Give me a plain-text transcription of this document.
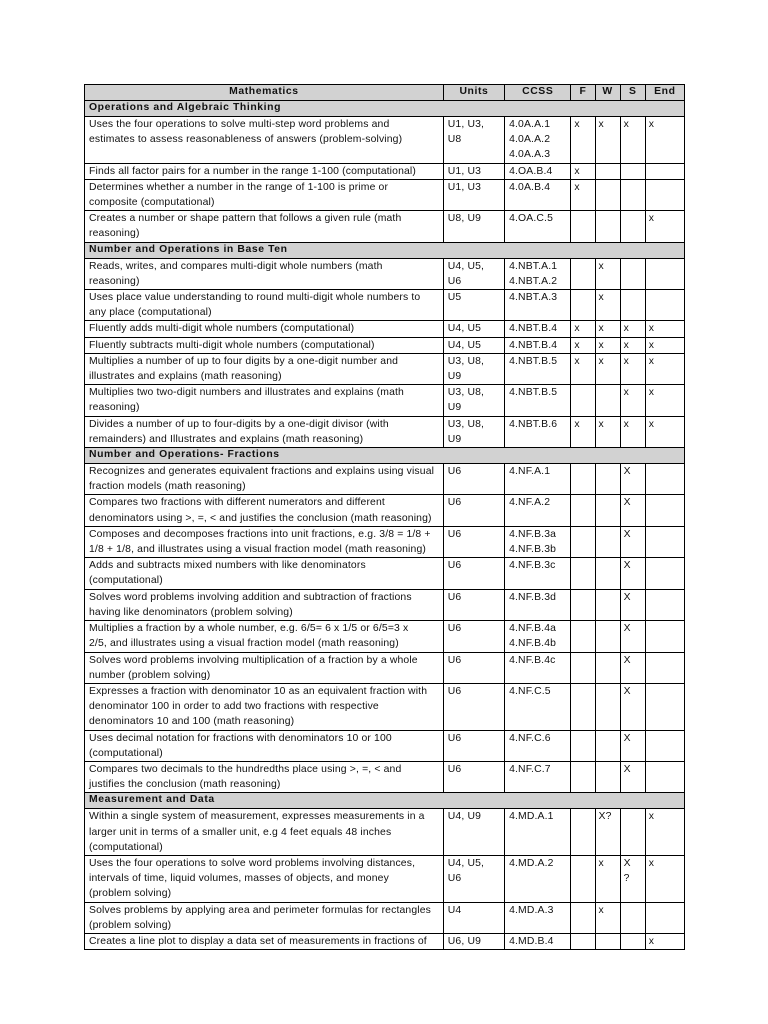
Mathematics	Units	CCSS	F	W	S	End
Operations and Algebraic Thinking						
Uses the four operations to solve multi-step word problems and
estimates to assess reasonableness of answers (problem-solving)	U1, U3,
U8	4.0A.A.1
4.0A.A.2
4.0A.A.3	x	x	x	x
Finds all factor pairs for a number in the range 1-100 (computational)	U1, U3	4.OA.B.4	x			
Determines whether a number in the range of 1-100 is prime or
composite (computational)	U1, U3	4.0A.B.4	x			
Creates a number or shape pattern that follows a given rule (math
reasoning)	U8, U9	4.OA.C.5				x
Number and Operations in Base Ten						
Reads, writes, and compares multi-digit whole numbers (math
reasoning)	U4, U5,
U6	4.NBT.A.1
4.NBT.A.2		x		
Uses place value understanding to round multi-digit whole numbers to
any place (computational)	U5	4.NBT.A.3		x		
Fluently adds multi-digit whole numbers (computational)	U4, U5	4.NBT.B.4	x	x	x	x
Fluently subtracts multi-digit whole numbers (computational)	U4, U5	4.NBT.B.4	x	x	x	x
Multiplies a number of up to four digits by a one-digit number and
illustrates and explains (math reasoning)	U3, U8,
U9	4.NBT.B.5	x	x	x	x
Multiplies two two-digit numbers and illustrates and explains (math
reasoning)	U3, U8,
U9	4.NBT.B.5			x	x
Divides a number of up to four-digits by a one-digit divisor (with
remainders) and Illustrates and explains (math reasoning)	U3, U8,
U9	4.NBT.B.6	x	x	x	x
Number and Operations- Fractions						
Recognizes and generates equivalent fractions and explains using visual
fraction models (math reasoning)	U6	4.NF.A.1			X	
Compares two fractions with different numerators and different
denominators using >, =, < and justifies the conclusion (math reasoning)	U6	4.NF.A.2			X	
Composes and decomposes fractions into unit fractions, e.g. 3/8 = 1/8 +
1/8 + 1/8, and illustrates using a visual fraction model (math reasoning)	U6	4.NF.B.3a
4.NF.B.3b			X	
Adds and subtracts mixed numbers with like denominators
(computational)	U6	4.NF.B.3c			X	
Solves word problems involving addition and subtraction of fractions
having like denominators (problem solving)	U6	4.NF.B.3d			X	
Multiplies a fraction by a whole number, e.g. 6/5= 6 x 1/5 or 6/5=3 x
2/5, and illustrates using a visual fraction model (math reasoning)	U6	4.NF.B.4a
4.NF.B.4b			X	
Solves word problems involving multiplication of a fraction by a whole
number (problem solving)	U6	4.NF.B.4c			X	
Expresses a fraction with denominator 10 as an equivalent fraction with
denominator 100 in order to add two fractions with respective
denominators 10 and 100 (math reasoning)	U6	4.NF.C.5			X	
Uses decimal notation for fractions with denominators 10 or 100
(computational)	U6	4.NF.C.6			X	
Compares two decimals to the hundredths place using >, =, < and
justifies the conclusion (math reasoning)	U6	4.NF.C.7			X	
Measurement and Data						
Within a single system of measurement, expresses measurements in a
larger unit in terms of a smaller unit, e.g 4 feet equals 48 inches
(computational)	U4, U9	4.MD.A.1		X?		x
Uses the four operations to solve word problems involving distances,
intervals of time, liquid volumes, masses of objects, and money
(problem solving)	U4, U5,
U6	4.MD.A.2		x	X
?	x
Solves problems by applying area and perimeter formulas for rectangles
(problem solving)	U4	4.MD.A.3		x		
Creates a line plot to display a data set of measurements in fractions of	U6, U9	4.MD.B.4				x
